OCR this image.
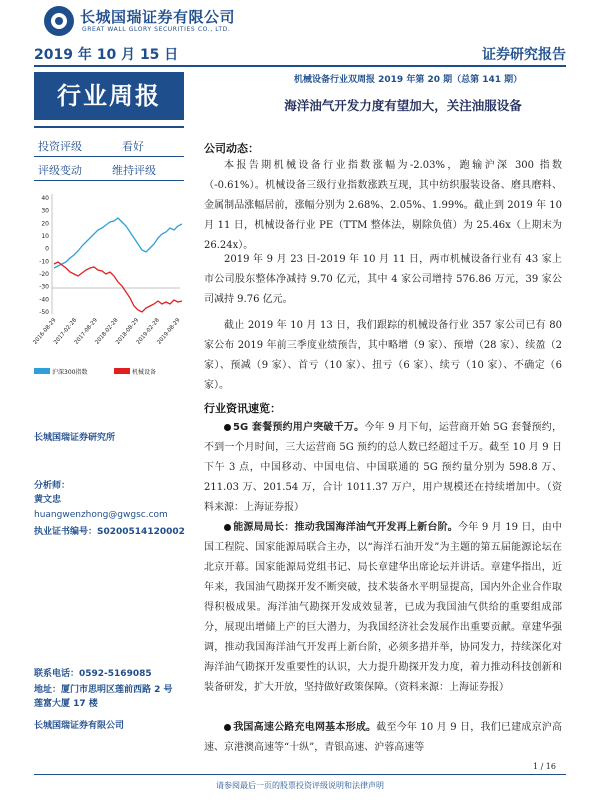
长城国瑞证券有限公司
GREAT WALL GLORY SECURITIES CO., LTD.
2019 年 10 月 15 日	证券研究报告
机械设备行业双周报 2019 年第 20 期（总第 141 期）
行业周报	海洋油气开发力度有望加大，关注油服设备
投资评级	看好
评级变动	维持评级
40
30
20
10
0
-10
-20
-30
-40
-50
2016-08-29
2017-02-28
2017-08-29
2018-02-28
2018-08-29
2019-02-28
2019-08-29
沪深300指数	机械设备
长城国瑞证券研究所
分析师：
黄文忠
huangwenzhong@gwgsc.com
执业证书编号：S0200514120002
联系电话：0592-5169085
地址：厦门市思明区莲前西路 2 号
莲富大厦 17 楼
长城国瑞证券有限公司
公司动态：
本报告期机械设备行业指数涨幅为-2.03%，跑输沪深 300 指数（-0.61%）。机械设备三级行业指数涨跌互现，其中纺织服装设备、磨具磨料、金属制品涨幅居前，涨幅分别为 2.68%、2.05%、1.99%。截止到 2019 年 10 月 11 日，机械设备行业 PE（TTM 整体法，剔除负值）为 25.46x（上期末为 26.24x）。
2019 年 9 月 23 日-2019 年 10 月 11 日，两市机械设备行业有 43 家上市公司股东整体净减持 9.70 亿元，其中 4 家公司增持 576.86 万元，39 家公司减持 9.76 亿元。
截止 2019 年 10 月 13 日，我们跟踪的机械设备行业 357 家公司已有 80 家公布 2019 年前三季度业绩预告，其中略增（9 家）、预增（28 家）、续盈（2 家）、预减（9 家）、首亏（10 家）、扭亏（6 家）、续亏（10 家）、不确定（6 家）。
行业资讯速览：
5G 套餐预约用户突破千万。今年 9 月下旬，运营商开始 5G 套餐预约，不到一个月时间，三大运营商 5G 预约的总人数已经超过千万。截至 10 月 9 日下午 3 点，中国移动、中国电信、中国联通的 5G 预约量分别为 598.8 万、211.03 万、201.54 万，合计 1011.37 万户，用户规模还在持续增加中。（资料来源：上海证券报）
能源局局长：推动我国海洋油气开发再上新台阶。今年 9 月 19 日，由中国工程院、国家能源局联合主办，以“海洋石油开发”为主题的第五届能源论坛在北京开幕。国家能源局党组书记、局长章建华出席论坛并讲话。章建华指出，近年来，我国油气勘探开发不断突破，技术装备水平明显提高，国内外企业合作取得积极成果。海洋油气勘探开发成效显著，已成为我国油气供给的重要组成部分，展现出增储上产的巨大潜力，为我国经济社会发展作出重要贡献。章建华强调，推动我国海洋油气开发再上新台阶，必须多措并举，协同发力，持续深化对海洋油气勘探开发重要性的认识，大力提升勘探开发力度，着力推动科技创新和装备研发，扩大开放，坚持做好政策保障。（资料来源：上海证券报）
我国高速公路充电网基本形成。截至今年 10 月 9 日，我们已建成京沪高速、京港澳高速等“十纵”，青银高速、沪蓉高速等
1 / 16
请参阅最后一页的股票投资评级说明和法律声明
